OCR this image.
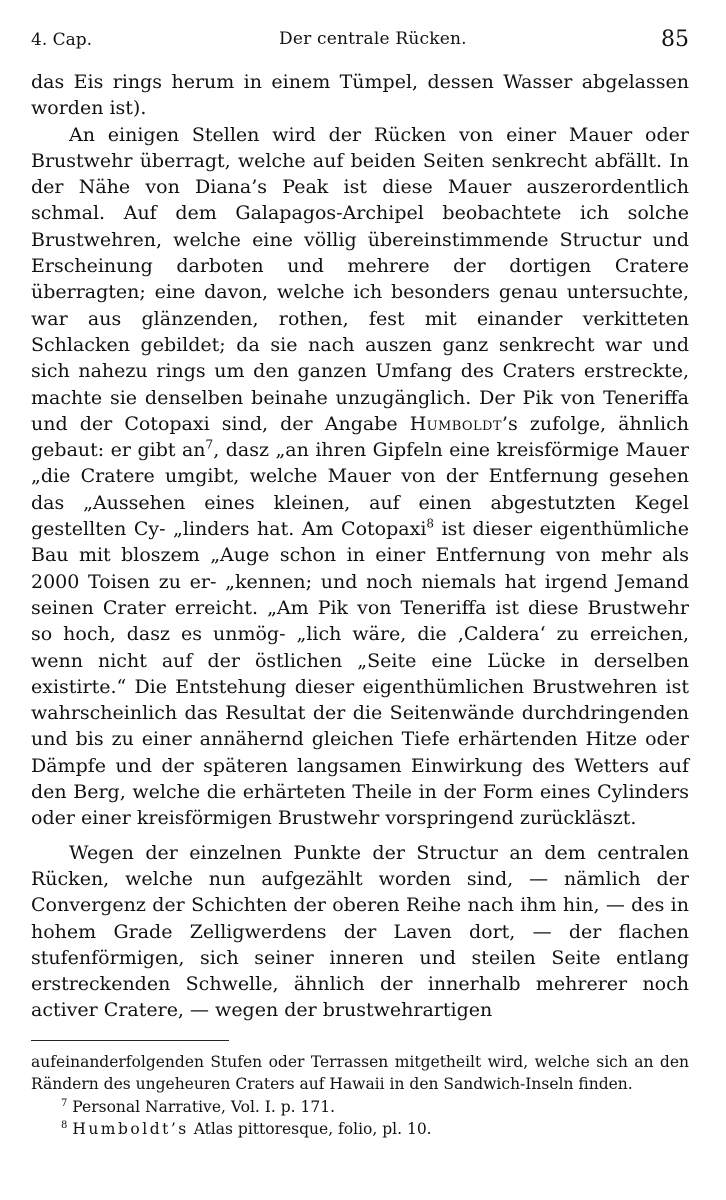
4. Cap.	Der centrale Rücken.	85

das Eis rings herum in einem Tümpel, dessen Wasser abgelassen worden ist).

An einigen Stellen wird der Rücken von einer Mauer oder Brustwehr überragt, welche auf beiden Seiten senkrecht abfällt. In der Nähe von Diana’s Peak ist diese Mauer auszerordentlich schmal. Auf dem Galapagos-Archipel beobachtete ich solche Brustwehren, welche eine völlig übereinstimmende Structur und Erscheinung darboten und mehrere der dortigen Cratere überragten; eine davon, welche ich besonders genau untersuchte, war aus glänzenden, rothen, fest mit einander verkitteten Schlacken gebildet; da sie nach auszen ganz senkrecht war und sich nahezu rings um den ganzen Umfang des Craters erstreckte, machte sie denselben beinahe unzugänglich. Der Pik von Teneriffa und der Cotopaxi sind, der Angabe Humboldt’s zufolge, ähnlich gebaut: er gibt an$^7$, dasz „an ihren Gipfeln eine kreisförmige Mauer „die Cratere umgibt, welche Mauer von der Entfernung gesehen das „Aussehen eines kleinen, auf einen abgestutzten Kegel gestellten Cy- „linders hat. Am Cotopaxi$^8$ ist dieser eigenthümliche Bau mit bloszem „Auge schon in einer Entfernung von mehr als 2000 Toisen zu er- „kennen; und noch niemals hat irgend Jemand seinen Crater erreicht. „Am Pik von Teneriffa ist diese Brustwehr so hoch, dasz es unmög- „lich wäre, die ‚Caldera‘ zu erreichen, wenn nicht auf der östlichen „Seite eine Lücke in derselben existirte.“ Die Entstehung dieser eigenthümlichen Brustwehren ist wahrscheinlich das Resultat der die Seitenwände durchdringenden und bis zu einer annähernd gleichen Tiefe erhärtenden Hitze oder Dämpfe und der späteren langsamen Einwirkung des Wetters auf den Berg, welche die erhärteten Theile in der Form eines Cylinders oder einer kreisförmigen Brustwehr vorspringend zurückläszt.

Wegen der einzelnen Punkte der Structur an dem centralen Rücken, welche nun aufgezählt worden sind, — nämlich der Convergenz der Schichten der oberen Reihe nach ihm hin, — des in hohem Grade Zelligwerdens der Laven dort, — der flachen stufenförmigen, sich seiner inneren und steilen Seite entlang erstreckenden Schwelle, ähnlich der innerhalb mehrerer noch activer Cratere, — wegen der brustwehrartigen

aufeinanderfolgenden Stufen oder Terrassen mitgetheilt wird, welche sich an den Rändern des ungeheuren Craters auf Hawaii in den Sandwich-Inseln finden.

$^7$ Personal Narrative, Vol. I. p. 171.

$^8$ Humboldt’s Atlas pittoresque, folio, pl. 10.
